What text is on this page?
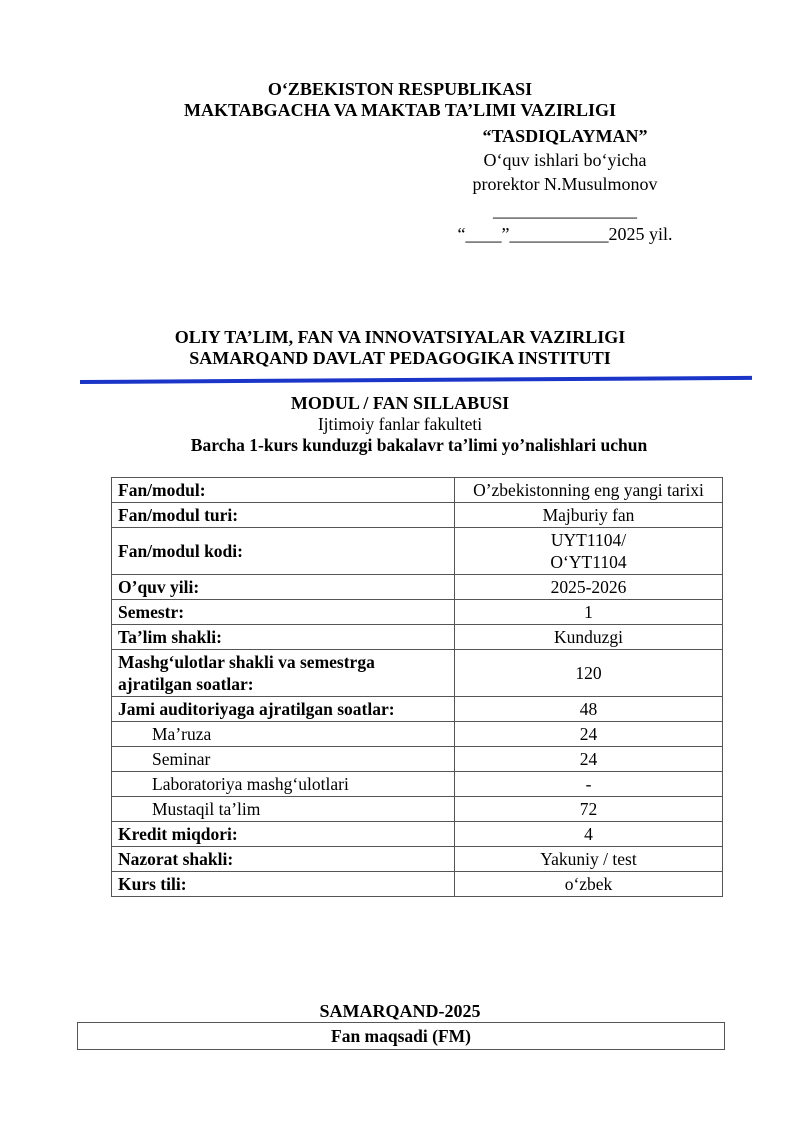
O‘ZBEKISTON RESPUBLIKASI
MAKTABGACHA VA MAKTAB TA’LIMI VAZIRLIGI
“TASDIQLAYMAN”
O‘quv ishlari bo‘yicha
prorektor N.Musulmonov
________________
“____”___________2025 yil.
OLIY TA’LIM, FAN VA INNOVATSIYALAR VAZIRLIGI
SAMARQAND DAVLAT PEDAGOGIKA INSTITUTI
MODUL / FAN SILLABUSI
Ijtimoiy fanlar fakulteti
Barcha 1-kurs kunduzgi bakalavr ta’limi yo’nalishlari uchun
Fan/modul:	O’zbekistonning eng yangi tarixi
Fan/modul turi:	Majburiy fan
Fan/modul kodi:	UYT1104/
O‘YT1104
O’quv yili:	2025-2026
Semestr:	1
Ta’lim shakli:	Kunduzgi
Mashg‘ulotlar shakli va semestrga ajratilgan soatlar:	120
Jami auditoriyaga ajratilgan soatlar:	48
Ma’ruza	24
Seminar	24
Laboratoriya mashg‘ulotlari	-
Mustaqil ta’lim	72
Kredit miqdori:	4
Nazorat shakli:	Yakuniy / test
Kurs tili:	o‘zbek
SAMARQAND-2025
Fan maqsadi (FM)
